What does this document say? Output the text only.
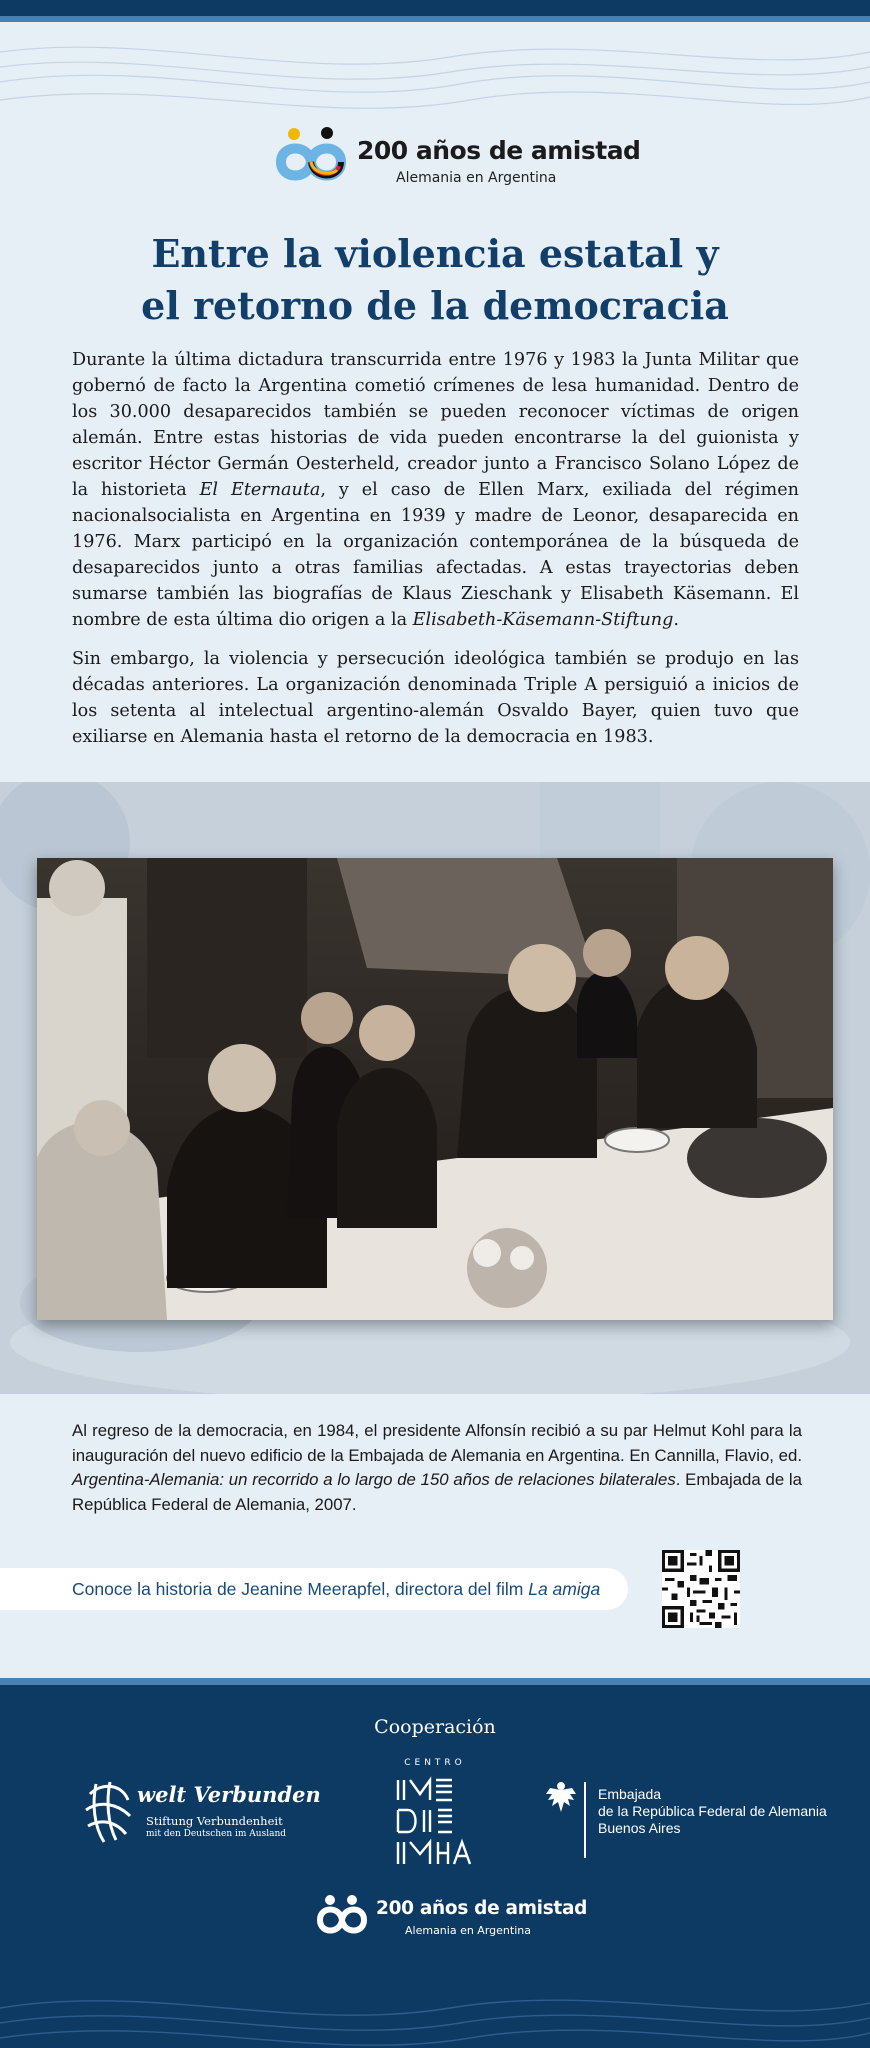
200 años de amistad
Alemania en Argentina
Entre la violencia estatal y
el retorno de la democracia

Durante la última dictadura transcurrida entre 1976 y 1983 la Junta Militar que gobernó de facto la Argentina cometió crímenes de lesa humanidad. Dentro de los 30.000 desaparecidos también se pueden reconocer víctimas de origen alemán. Entre estas historias de vida pueden encontrarse la del guionista y escritor Héctor Germán Oesterheld, creador junto a Francisco Solano López de la historieta El Eternauta, y el caso de Ellen Marx, exiliada del régimen nacionalsocialista en Argentina en 1939 y madre de Leonor, desaparecida en 1976. Marx participó en la organización contemporánea de la búsqueda de desaparecidos junto a otras familias afectadas. A estas trayectorias deben sumarse también las biografías de Klaus Zieschank y Elisabeth Käsemann. El nombre de esta última dio origen a la Elisabeth-Käsemann-Stiftung.

Sin embargo, la violencia y persecución ideológica también se produjo en las décadas anteriores. La organización denominada Triple A persiguió a inicios de los setenta al intelectual argentino-alemán Osvaldo Bayer, quien tuvo que exiliarse en Alemania hasta el retorno de la democracia en 1983.

Al regreso de la democracia, en 1984, el presidente Alfonsín recibió a su par Helmut Kohl para la inauguración del nuevo edificio de la Embajada de Alemania en Argentina. En Cannilla, Flavio, ed. Argentina-Alemania: un recorrido a lo largo de 150 años de relaciones bilaterales. Embajada de la República Federal de Alemania, 2007.

Conoce la historia de Jeanine Meerapfel, directora del film La amiga
Cooperación
welt Verbunden
Stiftung Verbundenheit
mit den Deutschen im Ausland
CENTRO
Embajada
de la República Federal de Alemania
Buenos Aires
200 años de amistad
Alemania en Argentina
